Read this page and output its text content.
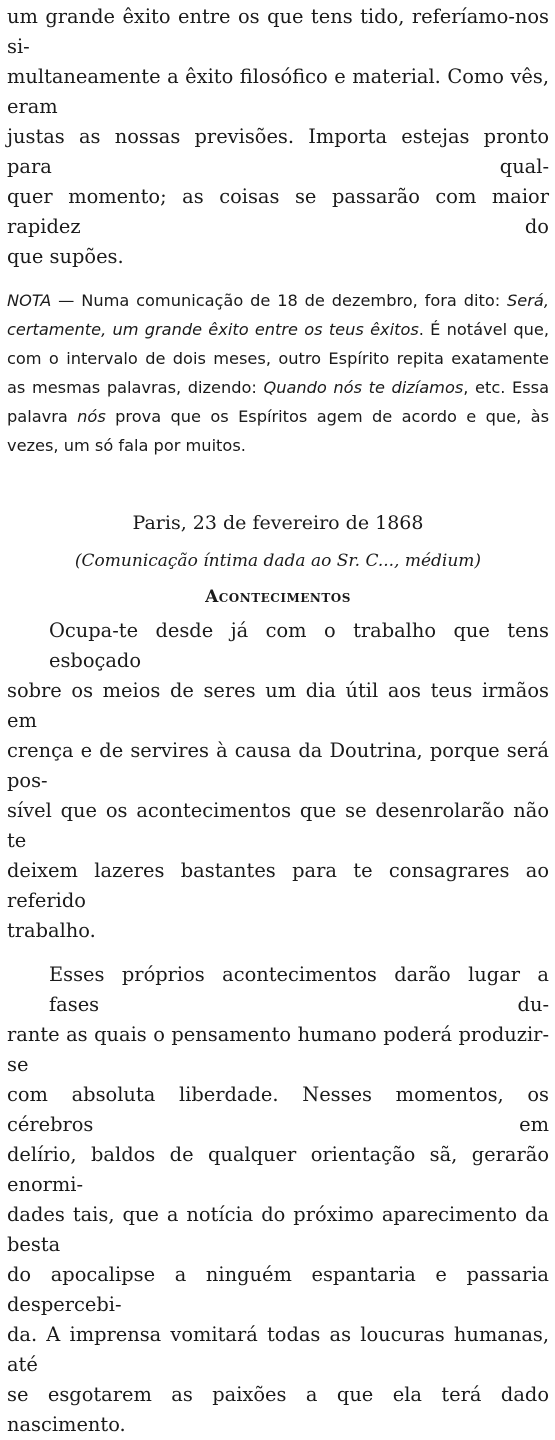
um grande êxito entre os que tens tido, referíamo-nos si-
multaneamente a êxito filosófico e material. Como vês, eram
justas as nossas previsões. Importa estejas pronto para qual-
quer momento; as coisas se passarão com maior rapidez do
que supões.

NOTA — Numa comunicação de 18 de dezembro, fora dito: Será, certamente, um grande êxito entre os teus êxitos. É notável que, com o intervalo de dois meses, outro Espírito repita exatamente as mesmas palavras, dizendo: Quando nós te dizíamos, etc. Essa palavra nós prova que os Espíritos agem de acordo e que, às vezes, um só fala por muitos.

Paris, 23 de fevereiro de 1868
(Comunicação íntima dada ao Sr. C..., médium)
Acontecimentos
Ocupa-te desde já com o trabalho que tens esboçado
sobre os meios de seres um dia útil aos teus irmãos em
crença e de servires à causa da Doutrina, porque será pos-
sível que os acontecimentos que se desenrolarão não te
deixem lazeres bastantes para te consagrares ao referido
trabalho.
Esses próprios acontecimentos darão lugar a fases du-
rante as quais o pensamento humano poderá produzir-se
com absoluta liberdade. Nesses momentos, os cérebros em
delírio, baldos de qualquer orientação sã, gerarão enormi-
dades tais, que a notícia do próximo aparecimento da besta
do apocalipse a ninguém espantaria e passaria despercebi-
da. A imprensa vomitará todas as loucuras humanas, até
se esgotarem as paixões a que ela terá dado nascimento.
